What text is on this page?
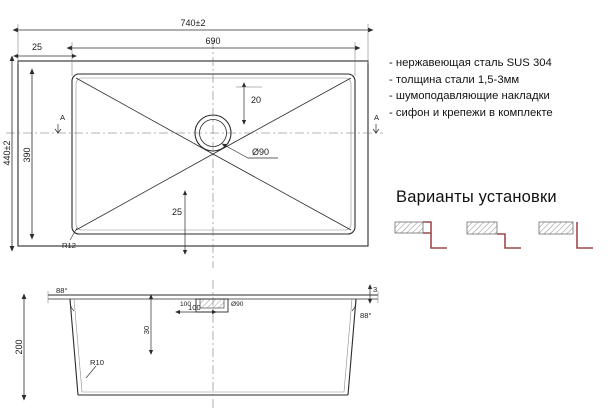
740±2
690
25
440±2 390
20
Ø90
25
R12
A	A
88°
88°
200
3
100
100	Ø90
30
R10
- нержавеющая сталь SUS 304
- толщина стали 1,5-3мм
- шумоподавляющие накладки
- сифон и крепежи в комплекте
Варианты установки
